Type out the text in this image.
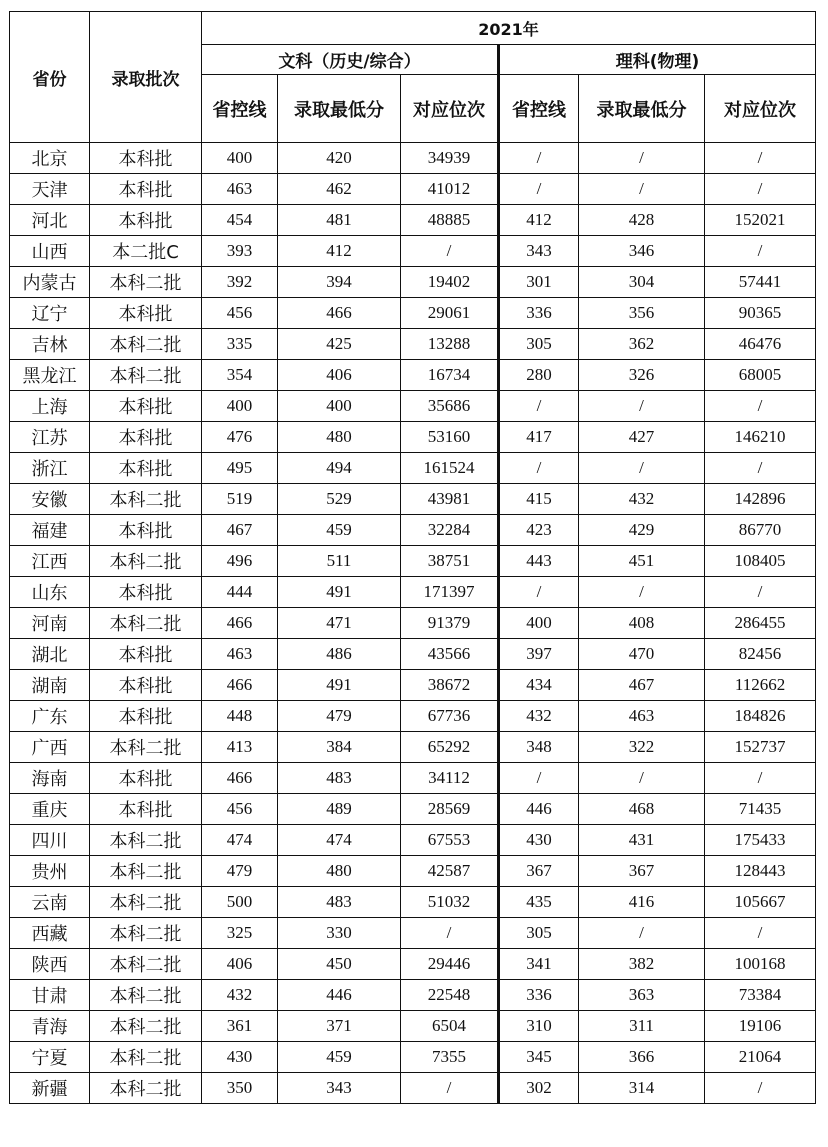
省份	录取批次	2021年					
		文科（历史/综合）			理科(物理)		
		省控线	录取最低分	对应位次	省控线	录取最低分	对应位次
北京	本科批	400	420	34939	/	/	/
天津	本科批	463	462	41012	/	/	/
河北	本科批	454	481	48885	412	428	152021
山西	本二批C	393	412	/	343	346	/
内蒙古	本科二批	392	394	19402	301	304	57441
辽宁	本科批	456	466	29061	336	356	90365
吉林	本科二批	335	425	13288	305	362	46476
黑龙江	本科二批	354	406	16734	280	326	68005
上海	本科批	400	400	35686	/	/	/
江苏	本科批	476	480	53160	417	427	146210
浙江	本科批	495	494	161524	/	/	/
安徽	本科二批	519	529	43981	415	432	142896
福建	本科批	467	459	32284	423	429	86770
江西	本科二批	496	511	38751	443	451	108405
山东	本科批	444	491	171397	/	/	/
河南	本科二批	466	471	91379	400	408	286455
湖北	本科批	463	486	43566	397	470	82456
湖南	本科批	466	491	38672	434	467	112662
广东	本科批	448	479	67736	432	463	184826
广西	本科二批	413	384	65292	348	322	152737
海南	本科批	466	483	34112	/	/	/
重庆	本科批	456	489	28569	446	468	71435
四川	本科二批	474	474	67553	430	431	175433
贵州	本科二批	479	480	42587	367	367	128443
云南	本科二批	500	483	51032	435	416	105667
西藏	本科二批	325	330	/	305	/	/
陕西	本科二批	406	450	29446	341	382	100168
甘肃	本科二批	432	446	22548	336	363	73384
青海	本科二批	361	371	6504	310	311	19106
宁夏	本科二批	430	459	7355	345	366	21064
新疆	本科二批	350	343	/	302	314	/
